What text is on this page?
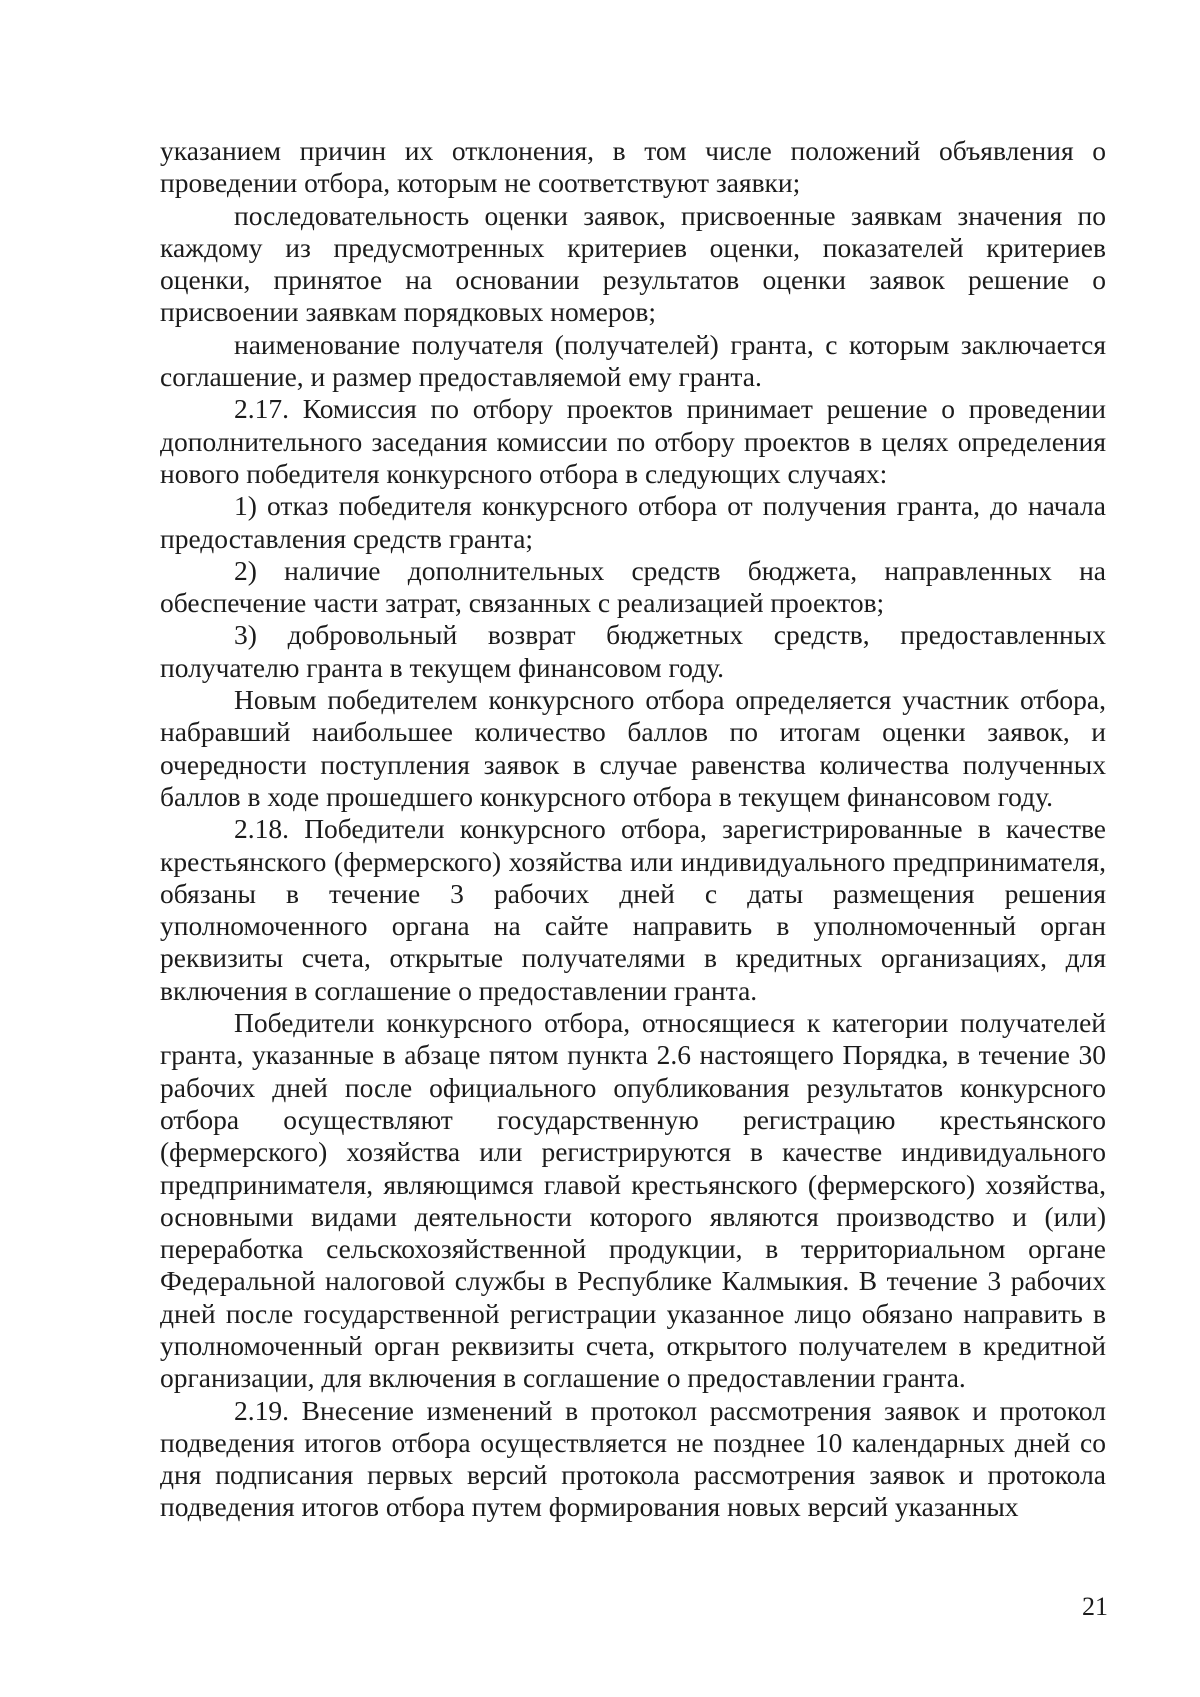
указанием причин их отклонения, в том числе положений объявления о проведении отбора, которым не соответствуют заявки;

последовательность оценки заявок, присвоенные заявкам значения по каждому из предусмотренных критериев оценки, показателей критериев оценки, принятое на основании результатов оценки заявок решение о присвоении заявкам порядковых номеров;

наименование получателя (получателей) гранта, с которым заключается соглашение, и размер предоставляемой ему гранта.

2.17. Комиссия по отбору проектов принимает решение о проведении дополнительного заседания комиссии по отбору проектов в целях определения нового победителя конкурсного отбора в следующих случаях:

1) отказ победителя конкурсного отбора от получения гранта, до начала предоставления средств гранта;

2) наличие дополнительных средств бюджета, направленных на обеспечение части затрат, связанных с реализацией проектов;

3) добровольный возврат бюджетных средств, предоставленных получателю гранта в текущем финансовом году.

Новым победителем конкурсного отбора определяется участник отбора, набравший наибольшее количество баллов по итогам оценки заявок, и очередности поступления заявок в случае равенства количества полученных баллов в ходе прошедшего конкурсного отбора в текущем финансовом году.

2.18. Победители конкурсного отбора, зарегистрированные в качестве крестьянского (фермерского) хозяйства или индивидуального предпринимателя, обязаны в течение 3 рабочих дней с даты размещения решения уполномоченного органа на сайте направить в уполномоченный орган реквизиты счета, открытые получателями в кредитных организациях, для включения в соглашение о предоставлении гранта.

Победители конкурсного отбора, относящиеся к категории получателей гранта, указанные в абзаце пятом пункта 2.6 настоящего Порядка, в течение 30 рабочих дней после официального опубликования результатов конкурсного отбора осуществляют государственную регистрацию крестьянского (фермерского) хозяйства или регистрируются в качестве индивидуального предпринимателя, являющимся главой крестьянского (фермерского) хозяйства, основными видами деятельности которого являются производство и (или) переработка сельскохозяйственной продукции, в территориальном органе Федеральной налоговой службы в Республике Калмыкия. В течение 3 рабочих дней после государственной регистрации указанное лицо обязано направить в уполномоченный орган реквизиты счета, открытого получателем в кредитной организации, для включения в соглашение о предоставлении гранта.

2.19. Внесение изменений в протокол рассмотрения заявок и протокол подведения итогов отбора осуществляется не позднее 10 календарных дней со дня подписания первых версий протокола рассмотрения заявок и протокола подведения итогов отбора путем формирования новых версий указанных

21
